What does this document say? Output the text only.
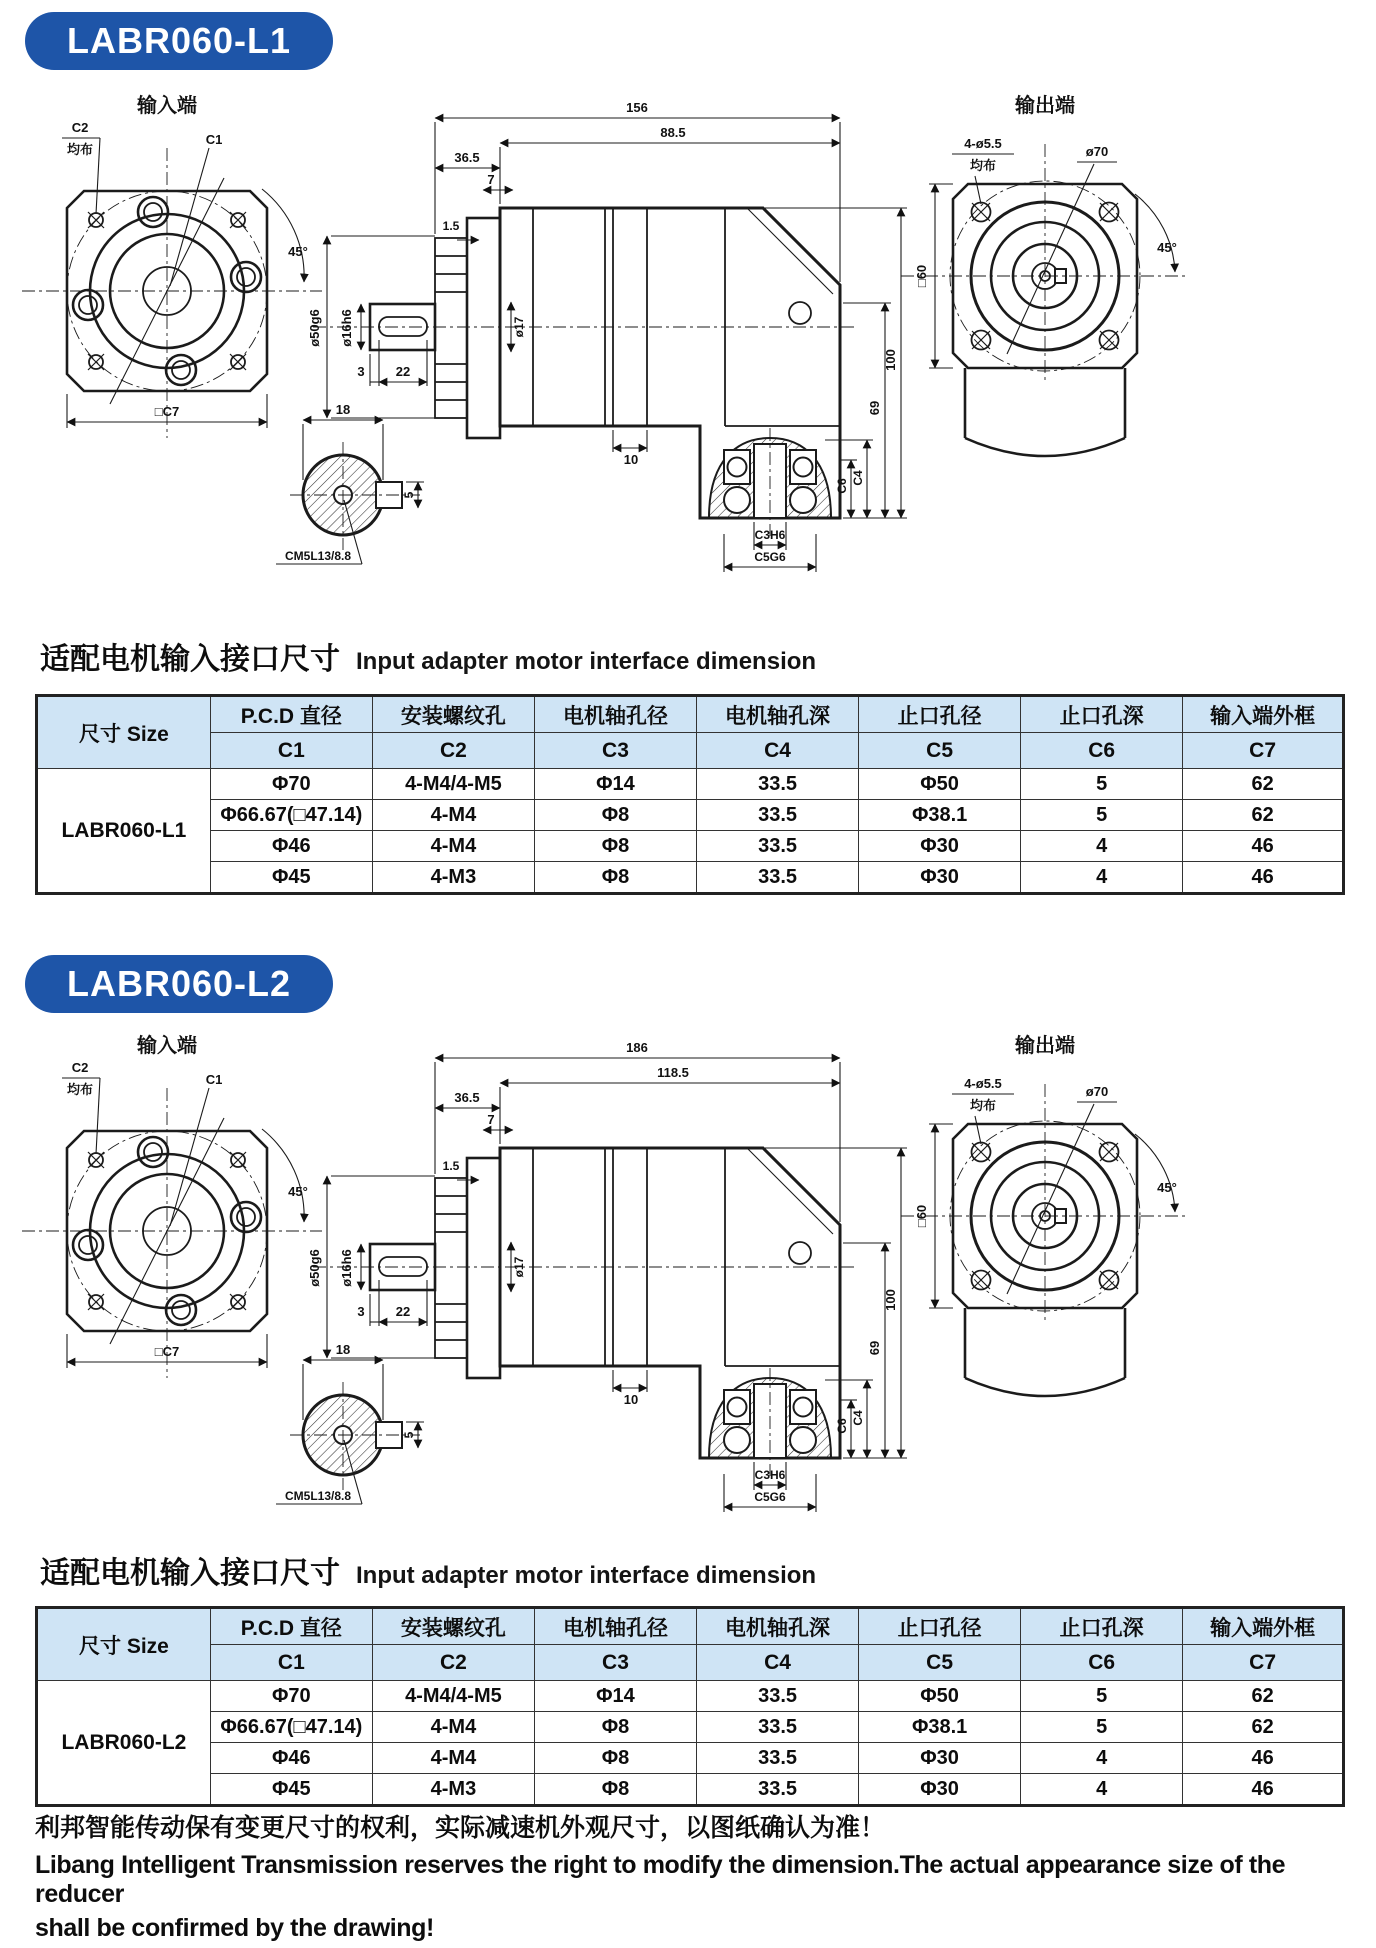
LABR060-L1
输入端
C2
均布
C1
45°
□C7
156
88.5
36.5
7
1.5
ø50g6 ø16h6	ø17
3 22
C6
C4
69
100
C3H6
C5G6
10
18
5
CM5L13/8.8
输出端
4-ø5.5
均布
ø70
45°
□60
适配电机输入接口尺寸 Input adapter motor interface dimension
尺寸 Size	P.C.D 直径	安装螺纹孔	电机轴孔径	电机轴孔深	止口孔径	止口孔深	输入端外框
	C1	C2	C3	C4	C5	C6	C7
LABR060-L1	Φ70	4-M4/4-M5	Φ14	33.5	Φ50	5	62
	Φ66.67(□47.14)	4-M4	Φ8	33.5	Φ38.1	5	62
	Φ46	4-M4	Φ8	33.5	Φ30	4	46
	Φ45	4-M3	Φ8	33.5	Φ30	4	46
LABR060-L2
输入端
C2
均布
C1
45°
□C7
186
118.5
36.5
7
1.5
ø50g6 ø16h6	ø17
3 22
C6
C4
69
100
C3H6
C5G6
10
18
5
CM5L13/8.8
输出端
4-ø5.5
均布
ø70
45°
□60
适配电机输入接口尺寸 Input adapter motor interface dimension
尺寸 Size	P.C.D 直径	安装螺纹孔	电机轴孔径	电机轴孔深	止口孔径	止口孔深	输入端外框
	C1	C2	C3	C4	C5	C6	C7
LABR060-L2	Φ70	4-M4/4-M5	Φ14	33.5	Φ50	5	62
	Φ66.67(□47.14)	4-M4	Φ8	33.5	Φ38.1	5	62
	Φ46	4-M4	Φ8	33.5	Φ30	4	46
	Φ45	4-M3	Φ8	33.5	Φ30	4	46
利邦智能传动保有变更尺寸的权利，实际减速机外观尺寸，以图纸确认为准！
Libang Intelligent Transmission reserves the right to modify the dimension.The actual appearance size of the reducer
shall be confirmed by the drawing!
